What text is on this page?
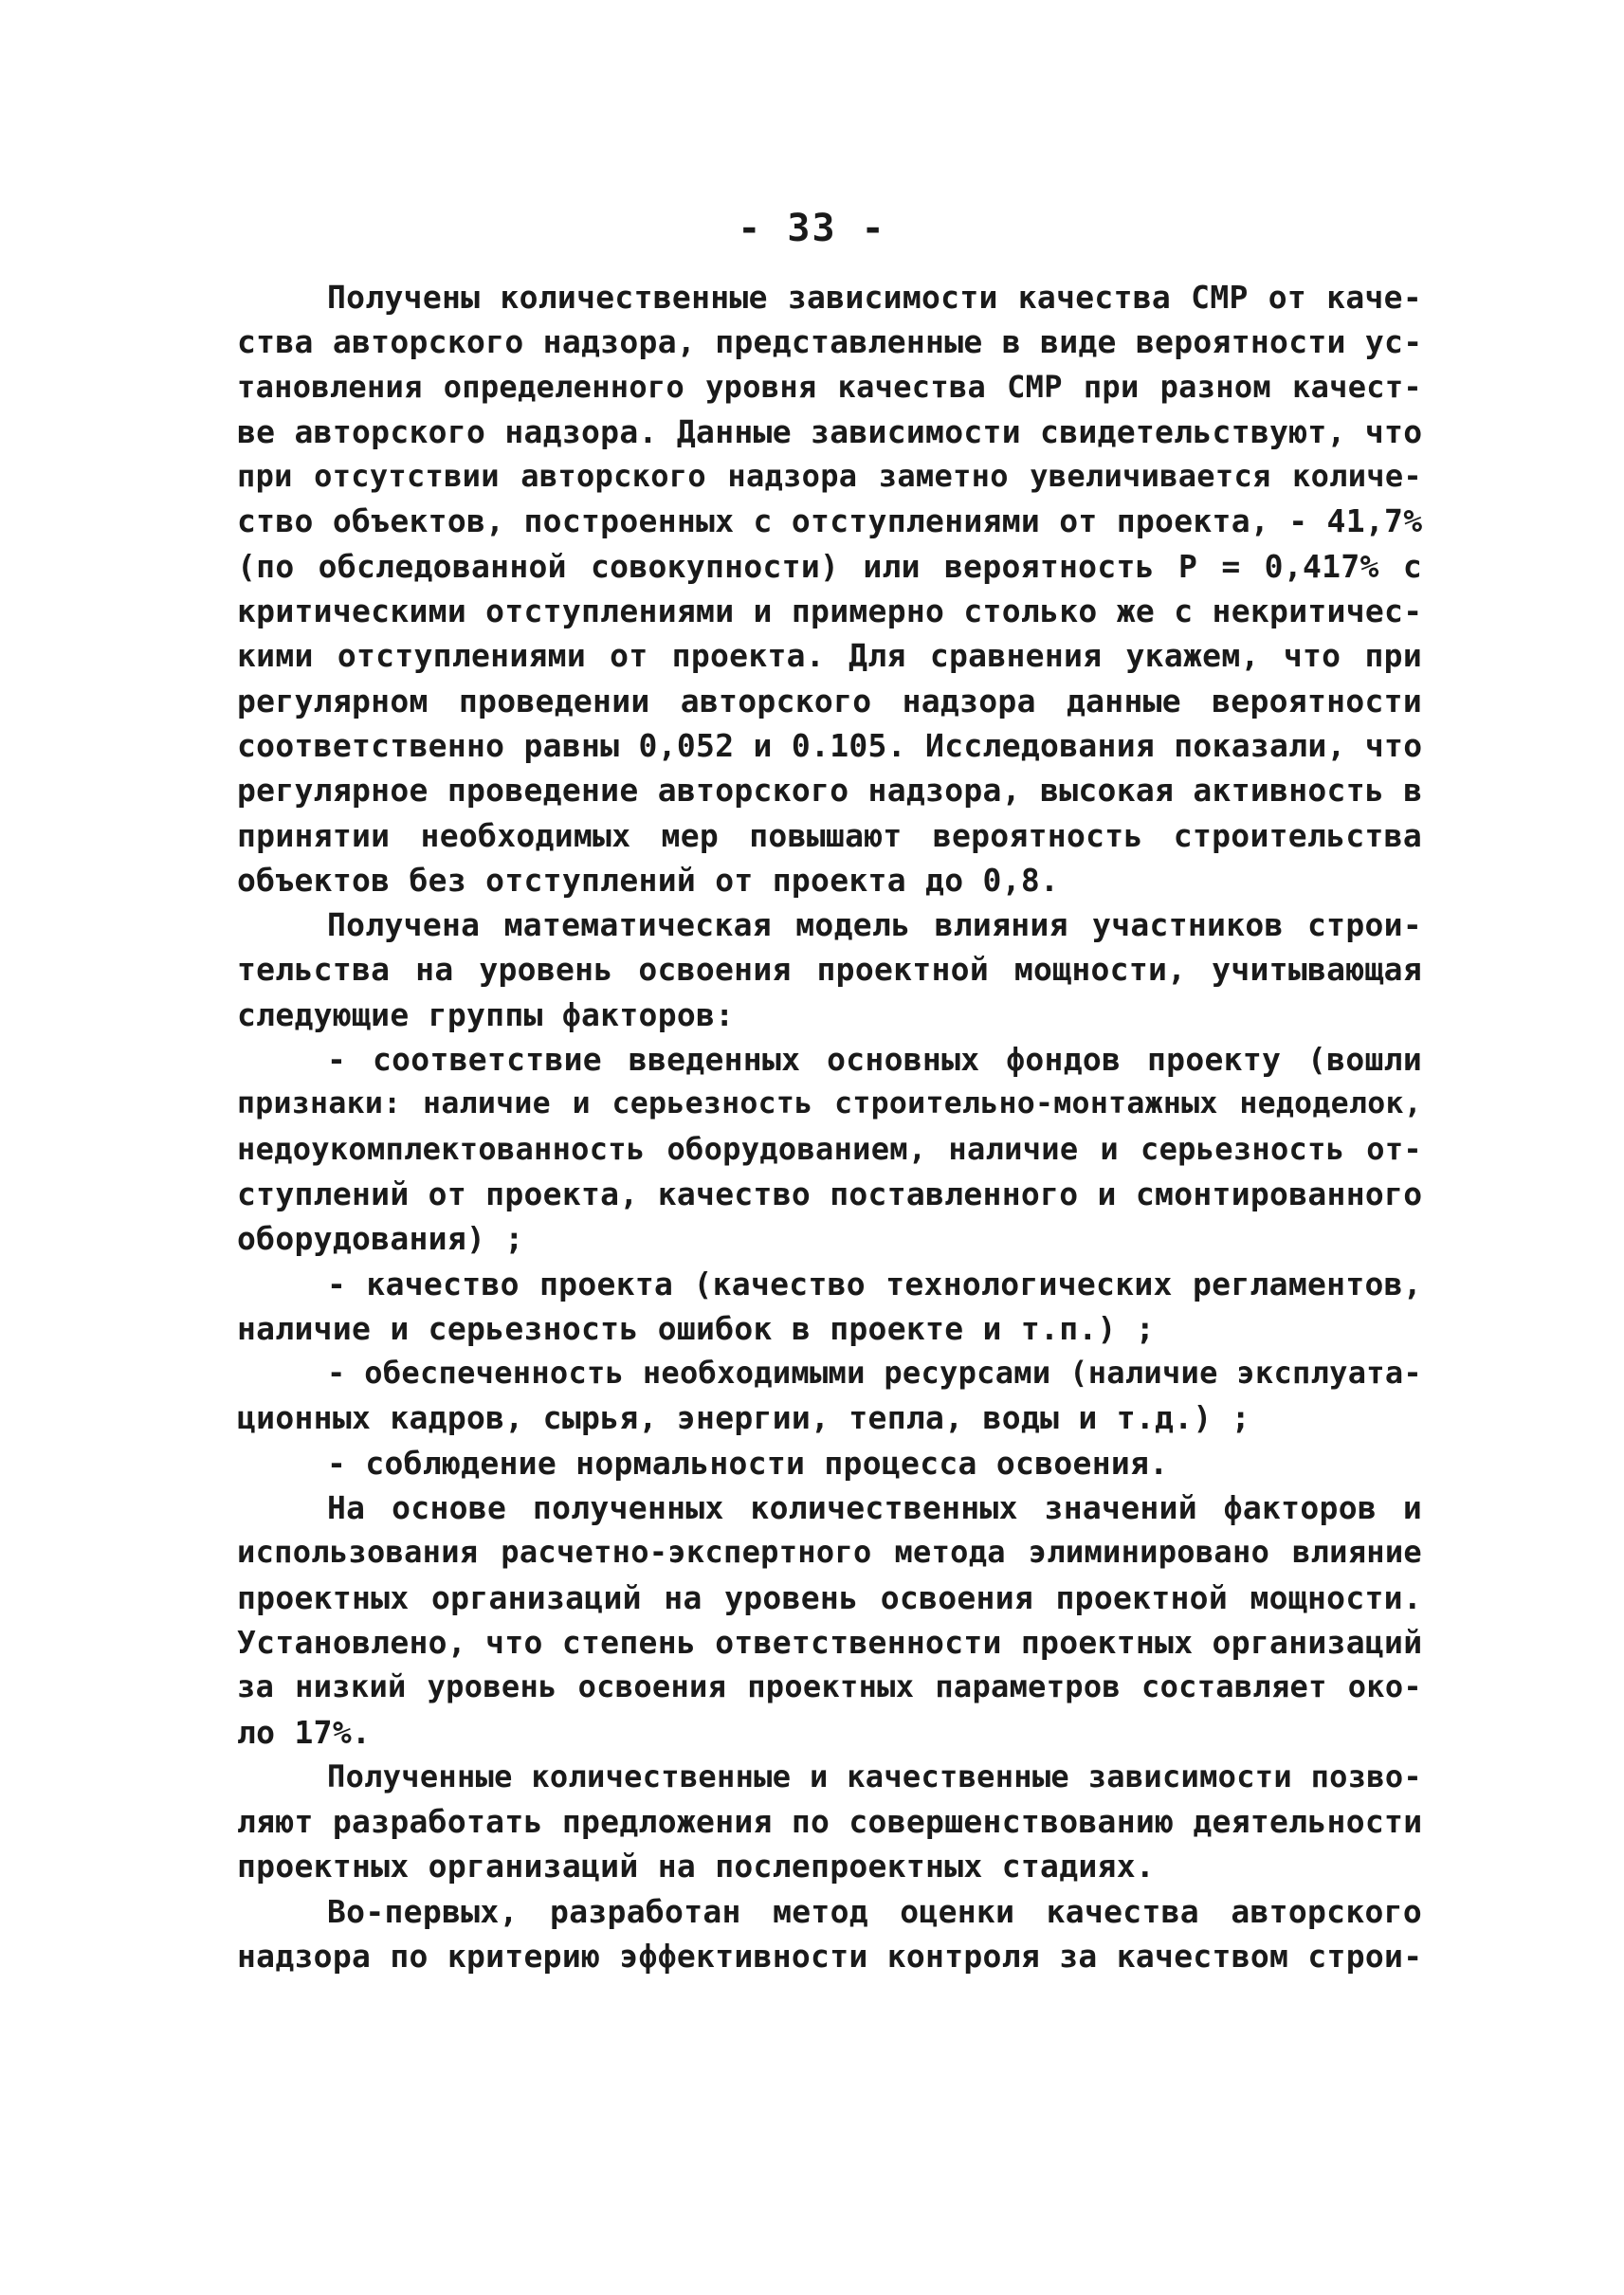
- 33 -
Получены количественные зависимости качества СМР от каче-
ства авторского надзора, представленные в виде вероятности ус-
тановления определенного уровня качества СМР при разном качест-
ве авторского надзора. Данные зависимости свидетельствуют, что
при отсутствии авторского надзора заметно увеличивается количе-
ство объектов, построенных с отступлениями от проекта, - 41,7%
(по обследованной совокупности) или вероятность Р = 0,417% с
критическими отступлениями и примерно столько же с некритичес-
кими отступлениями от проекта. Для сравнения укажем, что при
регулярном проведении авторского надзора данные вероятности
соответственно равны 0,052 и 0.105. Исследования показали, что
регулярное проведение авторского надзора, высокая активность в
принятии необходимых мер повышают вероятность строительства
объектов без отступлений от проекта до 0,8.
Получена математическая модель влияния участников строи-
тельства на уровень освоения проектной мощности, учитывающая
следующие группы факторов:
- соответствие введенных основных фондов проекту (вошли
признаки: наличие и серьезность строительно-монтажных недоделок,
недоукомплектованность оборудованием, наличие и серьезность от-
ступлений от проекта, качество поставленного и смонтированного
оборудования) ;
- качество проекта (качество технологических регламентов,
наличие и серьезность ошибок в проекте и т.п.) ;
- обеспеченность необходимыми ресурсами (наличие эксплуата-
ционных кадров, сырья, энергии, тепла, воды и т.д.) ;
- соблюдение нормальности процесса освоения.
На основе полученных количественных значений факторов и
использования расчетно-экспертного метода элиминировано влияние
проектных организаций на уровень освоения проектной мощности.
Установлено, что степень ответственности проектных организаций
за низкий уровень освоения проектных параметров составляет око-
ло 17%.
Полученные количественные и качественные зависимости позво-
ляют разработать предложения по совершенствованию деятельности
проектных организаций на послепроектных стадиях.
Во-первых, разработан метод оценки качества авторского
надзора по критерию эффективности контроля за качеством строи-
